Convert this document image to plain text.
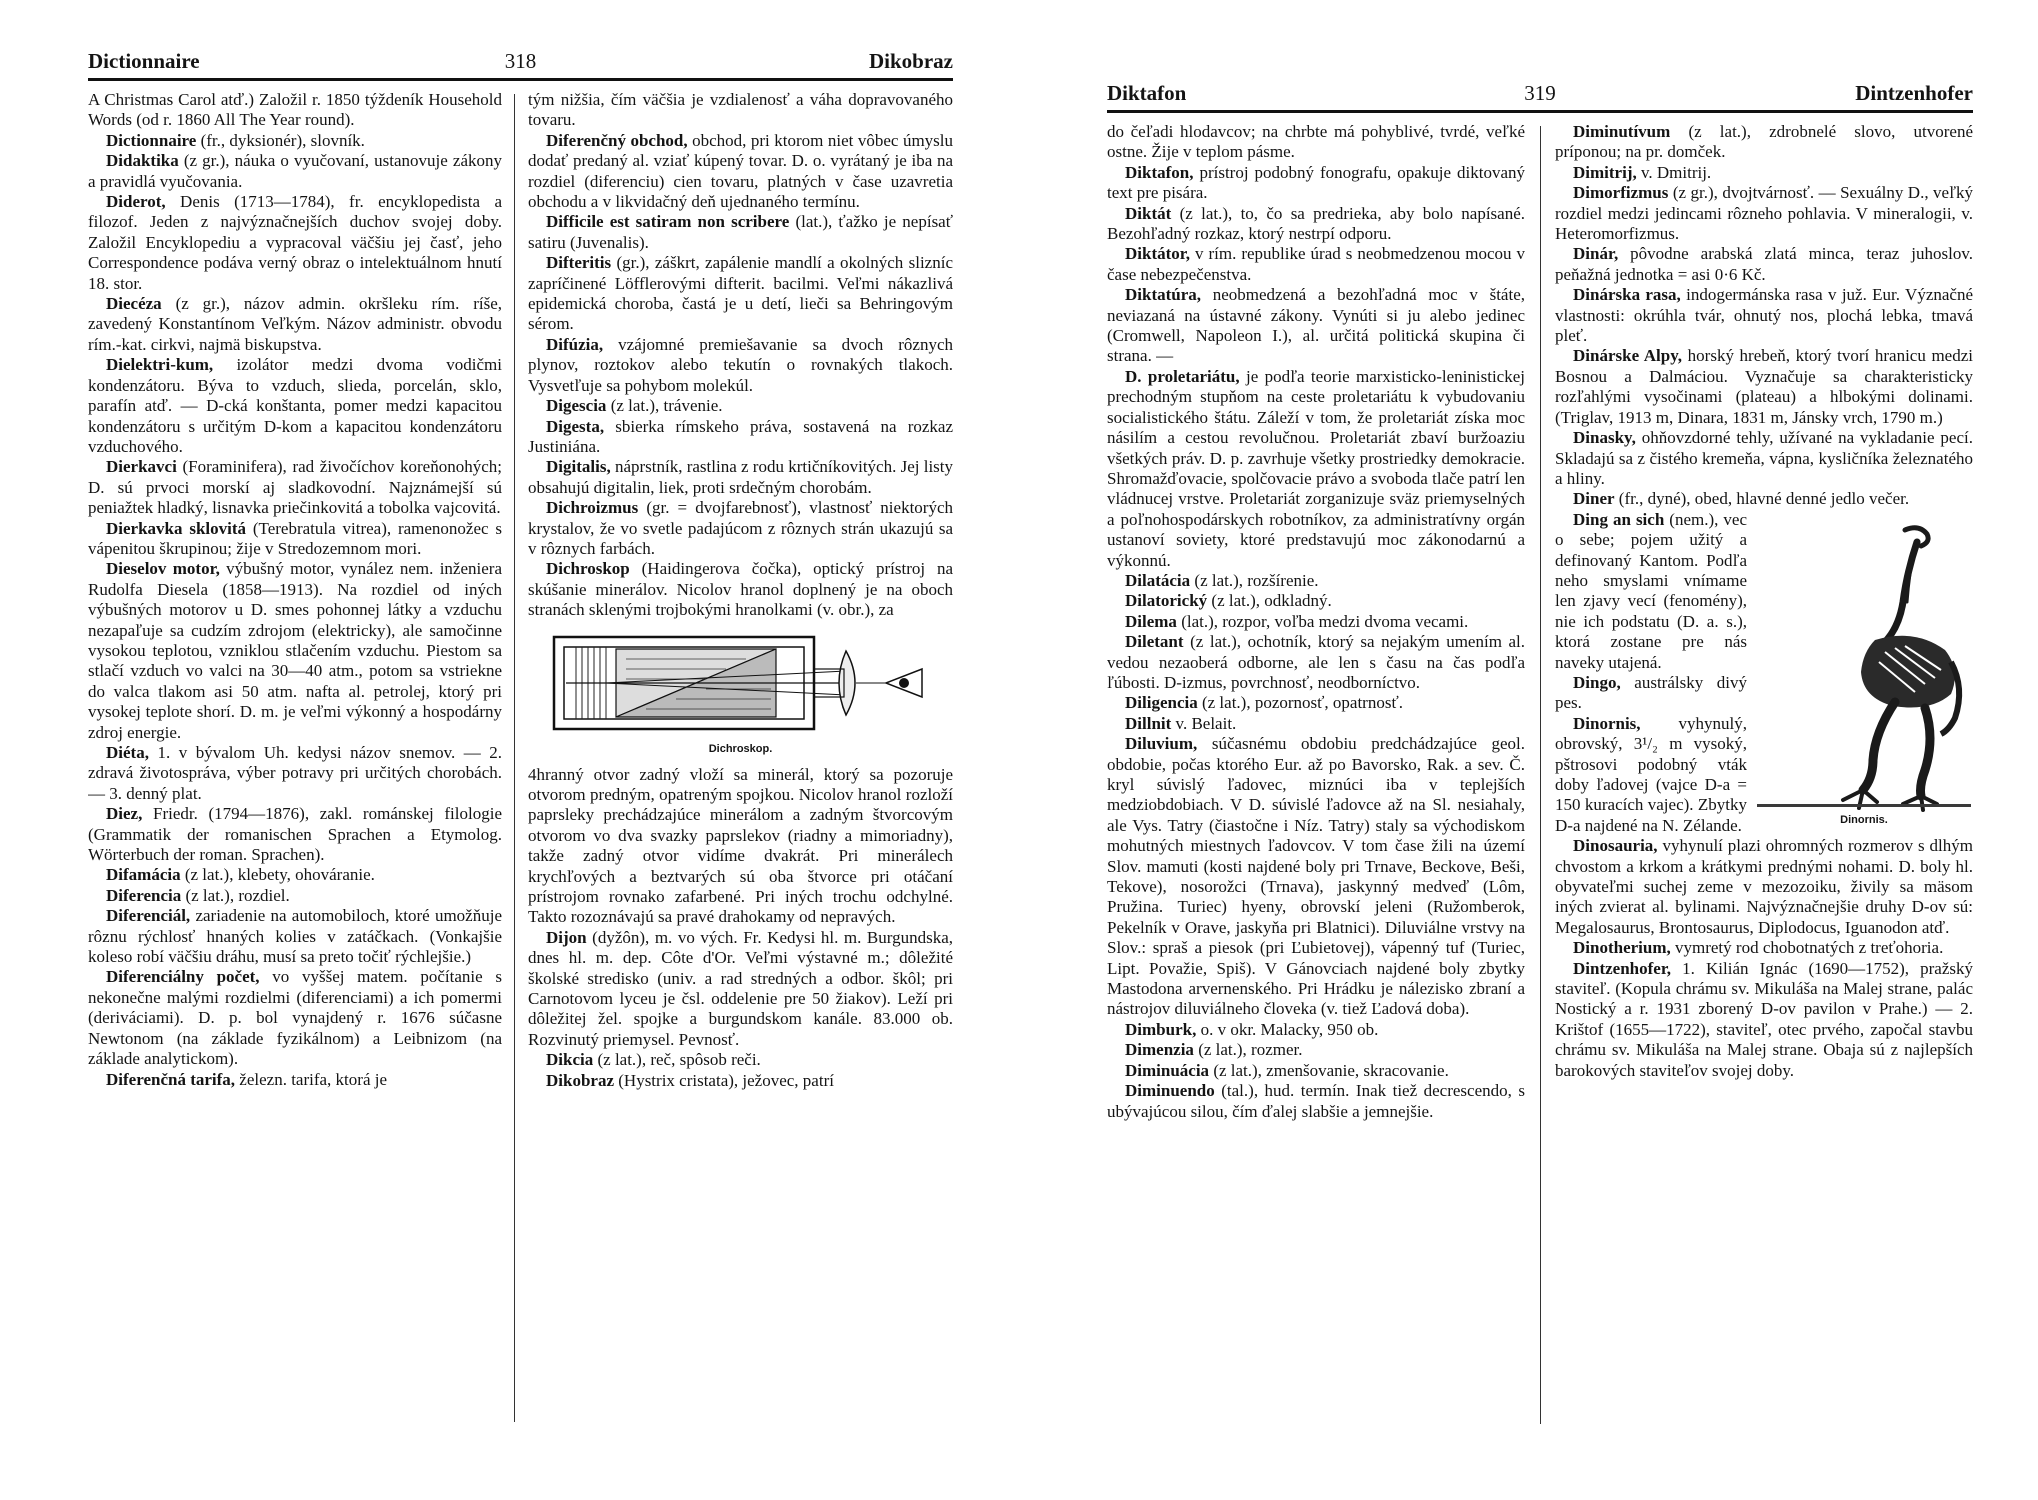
Dictionnaire	318	Dikobraz

A Christmas Carol atď.) Založil r. 1850 týždeník Household Words (od r. 1860 All The Year round).

Dictionnaire (fr., dyksionér), slovník.

Didaktika (z gr.), náuka o vyučovaní, ustanovuje zákony a pravidlá vyučovania.

Diderot, Denis (1713—1784), fr. encyklopedista a filozof. Jeden z najvýznačnejších duchov svojej doby. Založil Encyklopediu a vypracoval väčšiu jej časť, jeho Correspondence podáva verný obraz o intelektuálnom hnutí 18. stor.

Diecéza (z gr.), názov admin. okršleku rím. ríše, zavedený Konstantínom Veľkým. Názov administr. obvodu rím.-kat. cirkvi, najmä biskupstva.

Dielektri-kum, izolátor medzi dvoma vodičmi kondenzátoru. Býva to vzduch, slieda, porcelán, sklo, parafín atď. — D-cká konštanta, pomer medzi kapacitou kondenzátoru s určitým D-kom a kapacitou kondenzátoru vzduchového.

Dierkavci (Foraminifera), rad živočíchov koreňonohých; D. sú prvoci morskí aj sladkovodní. Najznámejší sú peniažtek hladký, lisnavka priečinkovitá a tobolka vajcovitá.

Dierkavka sklovitá (Terebratula vitrea), ramenonožec s vápenitou škrupinou; žije v Stredozemnom mori.

Dieselov motor, výbušný motor, vynález nem. inženiera Rudolfa Diesela (1858—1913). Na rozdiel od iných výbušných motorov u D. smes pohonnej látky a vzduchu nezapaľuje sa cudzím zdrojom (elektricky), ale samočinne vysokou teplotou, vzniklou stlačením vzduchu. Piestom sa stlačí vzduch vo valci na 30—40 atm., potom sa vstriekne do valca tlakom asi 50 atm. nafta al. petrolej, ktorý pri vysokej teplote shorí. D. m. je veľmi výkonný a hospodárny zdroj energie.

Diéta, 1. v bývalom Uh. kedysi názov snemov. — 2. zdravá životospráva, výber potravy pri určitých chorobách. — 3. denný plat.

Diez, Friedr. (1794—1876), zakl. románskej filologie (Grammatik der romanischen Sprachen a Etymolog. Wörterbuch der roman. Sprachen).

Difamácia (z lat.), klebety, ohováranie.

Diferencia (z lat.), rozdiel.

Diferenciál, zariadenie na automobiloch, ktoré umožňuje rôznu rýchlosť hnaných kolies v zatáčkach. (Vonkajšie koleso robí väčšiu dráhu, musí sa preto točiť rýchlejšie.)

Diferenciálny počet, vo vyššej matem. počítanie s nekonečne malými rozdielmi (diferenciami) a ich pomermi (deriváciami). D. p. bol vynajdený r. 1676 súčasne Newtonom (na základe fyzikálnom) a Leibnizom (na základe analytickom).

Diferenčná tarifa, železn. tarifa, ktorá je

tým nižšia, čím väčšia je vzdialenosť a váha dopravovaného tovaru.

Diferenčný obchod, obchod, pri ktorom niet vôbec úmyslu dodať predaný al. vziať kúpený tovar. D. o. vyrátaný je iba na rozdiel (diferenciu) cien tovaru, platných v čase uzavretia obchodu a v likvidačný deň ujednaného termínu.

Difficile est satiram non scribere (lat.), ťažko je nepísať satiru (Juvenalis).

Difteritis (gr.), záškrt, zapálenie mandlí a okolných slizníc zapríčinené Löfflerovými difterit. bacilmi. Veľmi nákazlivá epidemická choroba, častá je u detí, lieči sa Behringovým sérom.

Difúzia, vzájomné premiešavanie sa dvoch rôznych plynov, roztokov alebo tekutín o rovnakých tlakoch. Vysvetľuje sa pohybom molekúl.

Digescia (z lat.), trávenie.

Digesta, sbierka rímskeho práva, sostavená na rozkaz Justiniána.

Digitalis, náprstník, rastlina z rodu krtičníkovitých. Jej listy obsahujú digitalin, liek, proti srdečným chorobám.

Dichroizmus (gr. = dvojfarebnosť), vlastnosť niektorých krystalov, že vo svetle padajúcom z rôznych strán ukazujú sa v rôznych farbách.

Dichroskop (Haidingerova čočka), optický prístroj na skúšanie minerálov. Nicolov hranol doplnený je na oboch stranách sklenými trojbokými hranolkami (v. obr.), za

Dichroskop.

4hranný otvor zadný vloží sa minerál, ktorý sa pozoruje otvorom predným, opatreným spojkou. Nicolov hranol rozloží paprsleky prechádzajúce minerálom a zadným štvorcovým otvorom vo dva svazky paprslekov (riadny a mimoriadny), takže zadný otvor vidíme dvakrát. Pri minerálech krychľových a beztvarých sú oba štvorce pri otáčaní prístrojom rovnako zafarbené. Pri iných trochu odchylné. Takto rozoznávajú sa pravé drahokamy od nepravých.

Dijon (dyžôn), m. vo vých. Fr. Kedysi hl. m. Burgundska, dnes hl. m. dep. Côte d'Or. Veľmi výstavné m.; dôležité školské stredisko (univ. a rad stredných a odbor. škôl; pri Carnotovom lyceu je čsl. oddelenie pre 50 žiakov). Leží pri dôležitej žel. spojke a burgundskom kanále. 83.000 ob. Rozvinutý priemysel. Pevnosť.

Dikcia (z lat.), reč, spôsob reči.

Dikobraz (Hystrix cristata), ježovec, patrí

Diktafon	319	Dintzenhofer

do čeľadi hlodavcov; na chrbte má pohyblivé, tvrdé, veľké ostne. Žije v teplom pásme.

Diktafon, prístroj podobný fonografu, opakuje diktovaný text pre pisára.

Diktát (z lat.), to, čo sa predrieka, aby bolo napísané. Bezohľadný rozkaz, ktorý nestrpí odporu.

Diktátor, v rím. republike úrad s neobmedzenou mocou v čase nebezpečenstva.

Diktatúra, neobmedzená a bezohľadná moc v štáte, neviazaná na ústavné zákony. Vynúti si ju alebo jedinec (Cromwell, Napoleon I.), al. určitá politická skupina či strana. —

D. proletariátu, je podľa teorie marxisticko-leninistickej prechodným stupňom na ceste proletariátu k vybudovaniu socialistického štátu. Záleží v tom, že proletariát získa moc násilím a cestou revolučnou. Proletariát zbaví buržoaziu všetkých práv. D. p. zavrhuje všetky prostriedky demokracie. Shromažďovacie, spolčovacie právo a svoboda tlače patrí len vládnucej vrstve. Proletariát zorganizuje sväz priemyselných a poľnohospodárskych robotníkov, za administratívny orgán ustanoví soviety, ktoré predstavujú moc zákonodarnú a výkonnú.

Dilatácia (z lat.), rozšírenie.

Dilatorický (z lat.), odkladný.

Dilema (lat.), rozpor, voľba medzi dvoma vecami.

Diletant (z lat.), ochotník, ktorý sa nejakým umením al. vedou nezaoberá odborne, ale len s času na čas podľa ľúbosti. D-izmus, povrchnosť, neodborníctvo.

Diligencia (z lat.), pozornosť, opatrnosť.

Dillnit v. Belait.

Diluvium, súčasnému obdobiu predchádzajúce geol. obdobie, počas ktorého Eur. až po Bavorsko, Rak. a sev. Č. kryl súvislý ľadovec, miznúci iba v teplejších medziobdobiach. V D. súvislé ľadovce až na Sl. nesiahaly, ale Vys. Tatry (čiastočne i Níz. Tatry) staly sa východiskom mohutných miestnych ľadovcov. V tom čase žili na území Slov. mamuti (kosti najdené boly pri Trnave, Beckove, Beši, Tekove), nosorožci (Trnava), jaskynný medveď (Lôm, Pružina. Turiec) hyeny, obrovskí jeleni (Ružomberok, Pekelník v Orave, jaskyňa pri Blatnici). Diluviálne vrstvy na Slov.: spraš a piesok (pri Ľubietovej), vápenný tuf (Turiec, Lipt. Považie, Spiš). V Gánovciach najdené boly zbytky Mastodona arvernenského. Pri Hrádku je nálezisko zbraní a nástrojov diluviálneho človeka (v. tiež Ľadová doba).

Dimburk, o. v okr. Malacky, 950 ob.

Dimenzia (z lat.), rozmer.

Diminuácia (z lat.), zmenšovanie, skracovanie.

Diminuendo (tal.), hud. termín. Inak tiež decrescendo, s ubývajúcou silou, čím ďalej slabšie a jemnejšie.

Diminutívum (z lat.), zdrobnelé slovo, utvorené príponou; na pr. domček.

Dimitrij, v. Dmitrij.

Dimorfizmus (z gr.), dvojtvárnosť. — Sexuálny D., veľký rozdiel medzi jedincami rôzneho pohlavia. V mineralogii, v. Heteromorfizmus.

Dinár, pôvodne arabská zlatá minca, teraz juhoslov. peňažná jednotka = asi 0·6 Kč.

Dinárska rasa, indogermánska rasa v juž. Eur. Význačné vlastnosti: okrúhla tvár, ohnutý nos, plochá lebka, tmavá pleť.

Dinárske Alpy, horský hrebeň, ktorý tvorí hranicu medzi Bosnou a Dalmáciou. Vyznačuje sa charakteristicky rozľahlými vysočinami (plateau) a hlbokými dolinami. (Triglav, 1913 m, Dinara, 1831 m, Jánsky vrch, 1790 m.)

Dinasky, ohňovzdorné tehly, užívané na vykladanie pecí. Skladajú sa z čistého kremeňa, vápna, kysličníka železnatého a hliny.

Diner (fr., dyné), obed, hlavné denné jedlo večer.

Dinornis.

Ding an sich (nem.), vec o sebe; pojem užitý a definovaný Kantom. Podľa neho smyslami vnímame len zjavy vecí (fenomény), nie ich podstatu (D. a. s.), ktorá zostane pre nás naveky utajená.

Dingo, austrálsky divý pes.

Dinornis, vyhynulý, obrovský, 3¹/₂ m vysoký, pštrosovi podobný vták doby ľadovej (vajce D-a = 150 kuracích vajec). Zbytky D-a najdené na N. Zélande.

Dinosauria, vyhynulí plazi ohromných rozmerov s dlhým chvostom a krkom a krátkymi prednými nohami. D. boly hl. obyvateľmi suchej zeme v mezozoiku, živily sa mäsom iných zvierat al. bylinami. Najvýznačnejšie druhy D-ov sú: Megalosaurus, Brontosaurus, Diplodocus, Iguanodon atď.

Dinotherium, vymretý rod chobotnatých z treťohoria.

Dintzenhofer, 1. Kilián Ignác (1690—1752), pražský staviteľ. (Kopula chrámu sv. Mikuláša na Malej strane, palác Nostický a r. 1931 zborený D-ov pavilon v Prahe.) — 2. Krištof (1655—1722), staviteľ, otec prvého, započal stavbu chrámu sv. Mikuláša na Malej strane. Obaja sú z najlepších barokových staviteľov svojej doby.
